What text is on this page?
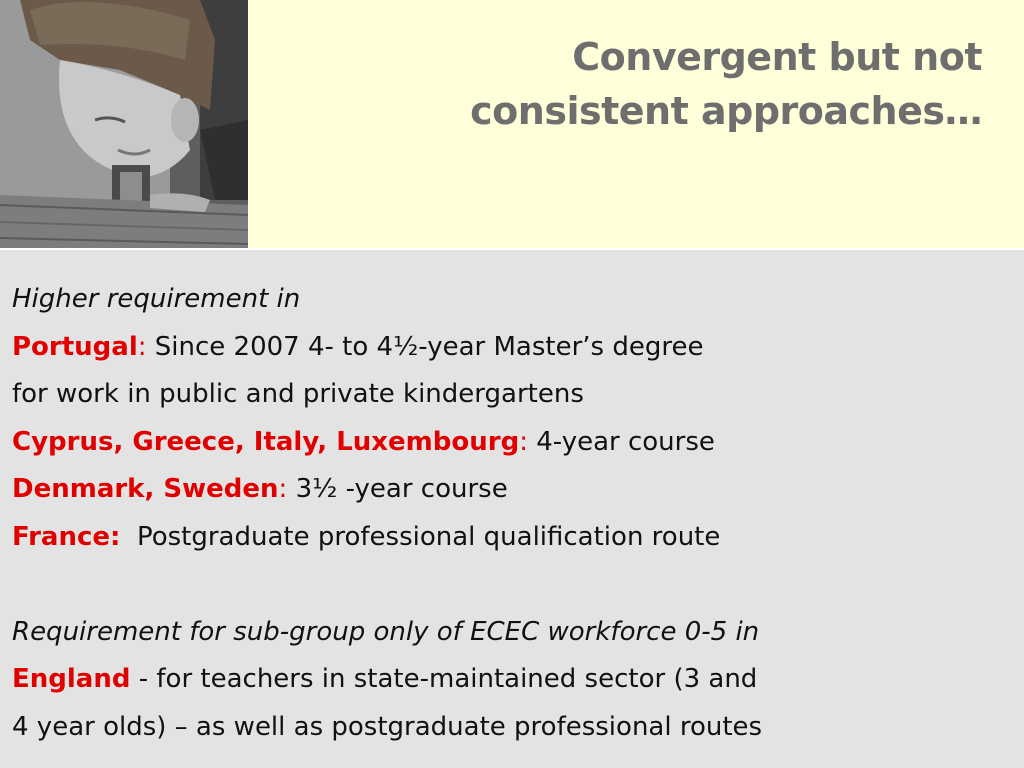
Convergent but not
consistent approaches…
Higher requirement in
Portugal: Since 2007 4- to 4½-year Master’s degree
for work in public and private kindergartens
Cyprus, Greece, Italy, Luxembourg: 4-year course
Denmark, Sweden: 3½ -year course
France:  Postgraduate professional qualification route
Requirement for sub-group only of ECEC workforce 0-5 in
England - for teachers in state-maintained sector (3 and
4 year olds) – as well as postgraduate professional routes
